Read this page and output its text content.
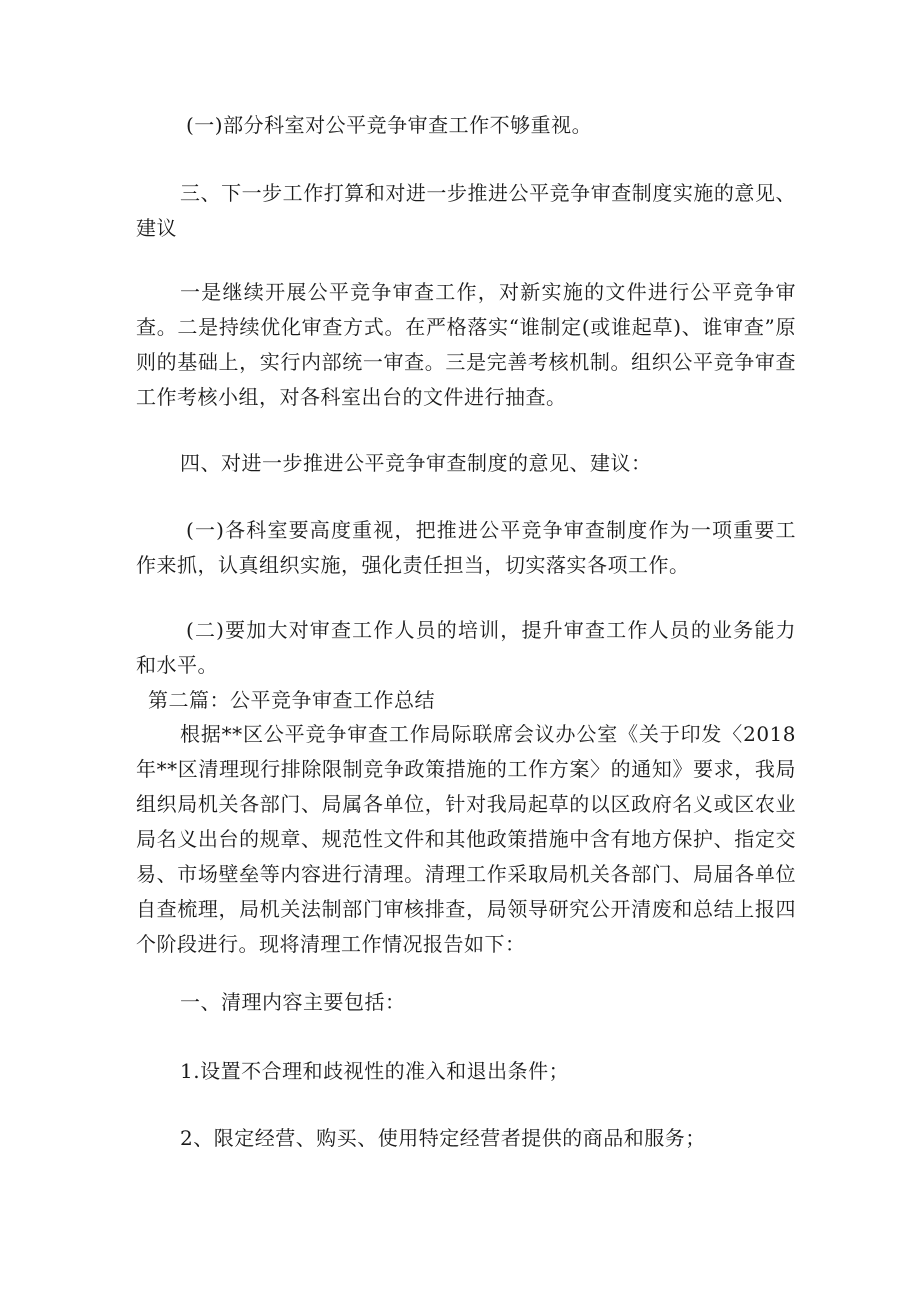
(一)部分科室对公平竞争审查工作不够重视。

三、下一步工作打算和对进一步推进公平竞争审查制度实施的意见、建议

一是继续开展公平竞争审查工作，对新实施的文件进行公平竞争审查。二是持续优化审查方式。在严格落实“谁制定(或谁起草)、谁审查”原则的基础上，实行内部统一审查。三是完善考核机制。组织公平竞争审查工作考核小组，对各科室出台的文件进行抽查。

四、对进一步推进公平竞争审查制度的意见、建议：

(一)各科室要高度重视，把推进公平竞争审查制度作为一项重要工作来抓，认真组织实施，强化责任担当，切实落实各项工作。

(二)要加大对审查工作人员的培训，提升审查工作人员的业务能力和水平。

第二篇：公平竞争审查工作总结

根据**区公平竞争审查工作局际联席会议办公室《关于印发〈2018年**区清理现行排除限制竞争政策措施的工作方案〉的通知》要求，我局组织局机关各部门、局属各单位，针对我局起草的以区政府名义或区农业局名义出台的规章、规范性文件和其他政策措施中含有地方保护、指定交易、市场壁垒等内容进行清理。清理工作采取局机关各部门、局届各单位自查梳理，局机关法制部门审核排查，局领导研究公开清废和总结上报四个阶段进行。现将清理工作情况报告如下：

一、清理内容主要包括：

1.设置不合理和歧视性的准入和退出条件；

2、限定经营、购买、使用特定经营者提供的商品和服务；
